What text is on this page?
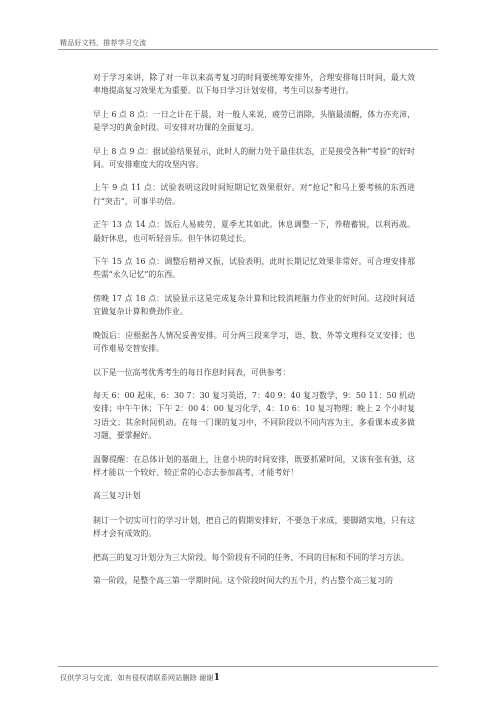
精品好文档，推荐学习交流

对于学习来讲，除了对一年以来高考复习的时间要统筹安排外，合理安排每日时间，最大效率地提高复习效果尤为重要。以下每日学习计划安排，考生可以参考进行。

早上 6 点 8 点：一日之计在于晨，对一般人来说，疲劳已消除，头脑最清醒，体力亦充沛，是学习的黄金时段。可安排对功课的全面复习。

早上 8 点 9 点：据试验结果显示，此时人的耐力处于最佳状态，正是接受各种“考验”的好时间。可安排难度大的攻坚内容。

上午 9 点 11 点：试验表明这段时间短期记忆效果很好。对“抢记”和马上要考核的东西进行“突击”，可事半功倍。

正午 13 点 14 点：饭后人易疲劳，夏季尤其如此。休息调整一下，养精蓄锐，以利再战。最好休息，也可听轻音乐。但午休切莫过长。

下午 15 点 16 点：调整后精神又振，试验表明，此时长期记忆效果非常好。可合理安排那些需“永久记忆”的东西。

傍晚 17 点 18 点：试验显示这是完成复杂计算和比较消耗脑力作业的好时间。这段时间适宜做复杂计算和费劲作业。

晚饭后：应根据各人情况妥善安排。可分两三段来学习，语、数、外等文理科交叉安排；也可作难易交替安排。

以下是一位高考优秀考生的每日作息时间表，可供参考：

每天 6：00 起床，6：30 7：30 复习英语，7：40 9：40 复习数学，9：50 11：50 机动安排；中午午休；下午 2：00 4：00 复习化学，4：10 6：10 复习物理；晚上 2 个小时复习语文；其余时间机动。在每一门课的复习中，不同阶段以不同内容为主，多看课本或多做习题，要掌握好。

温馨提醒：在总体计划的基础上，注意小块的时间安排，既要抓紧时间，又该有张有弛，这样才能以一个较好、较正常的心态去参加高考，才能考好！

高三复习计划

制订一个切实可行的学习计划，把自己的假期安排好，不要急于求成，要脚踏实地，只有这样才会有成效的。

把高三的复习计划分为三大阶段。每个阶段有不同的任务、不同的目标和不同的学习方法。

第一阶段，是整个高三第一学期时间。这个阶段时间大约五个月，约占整个高三复习的

仅供学习与交流，如有侵权请联系网站删除 谢谢1
